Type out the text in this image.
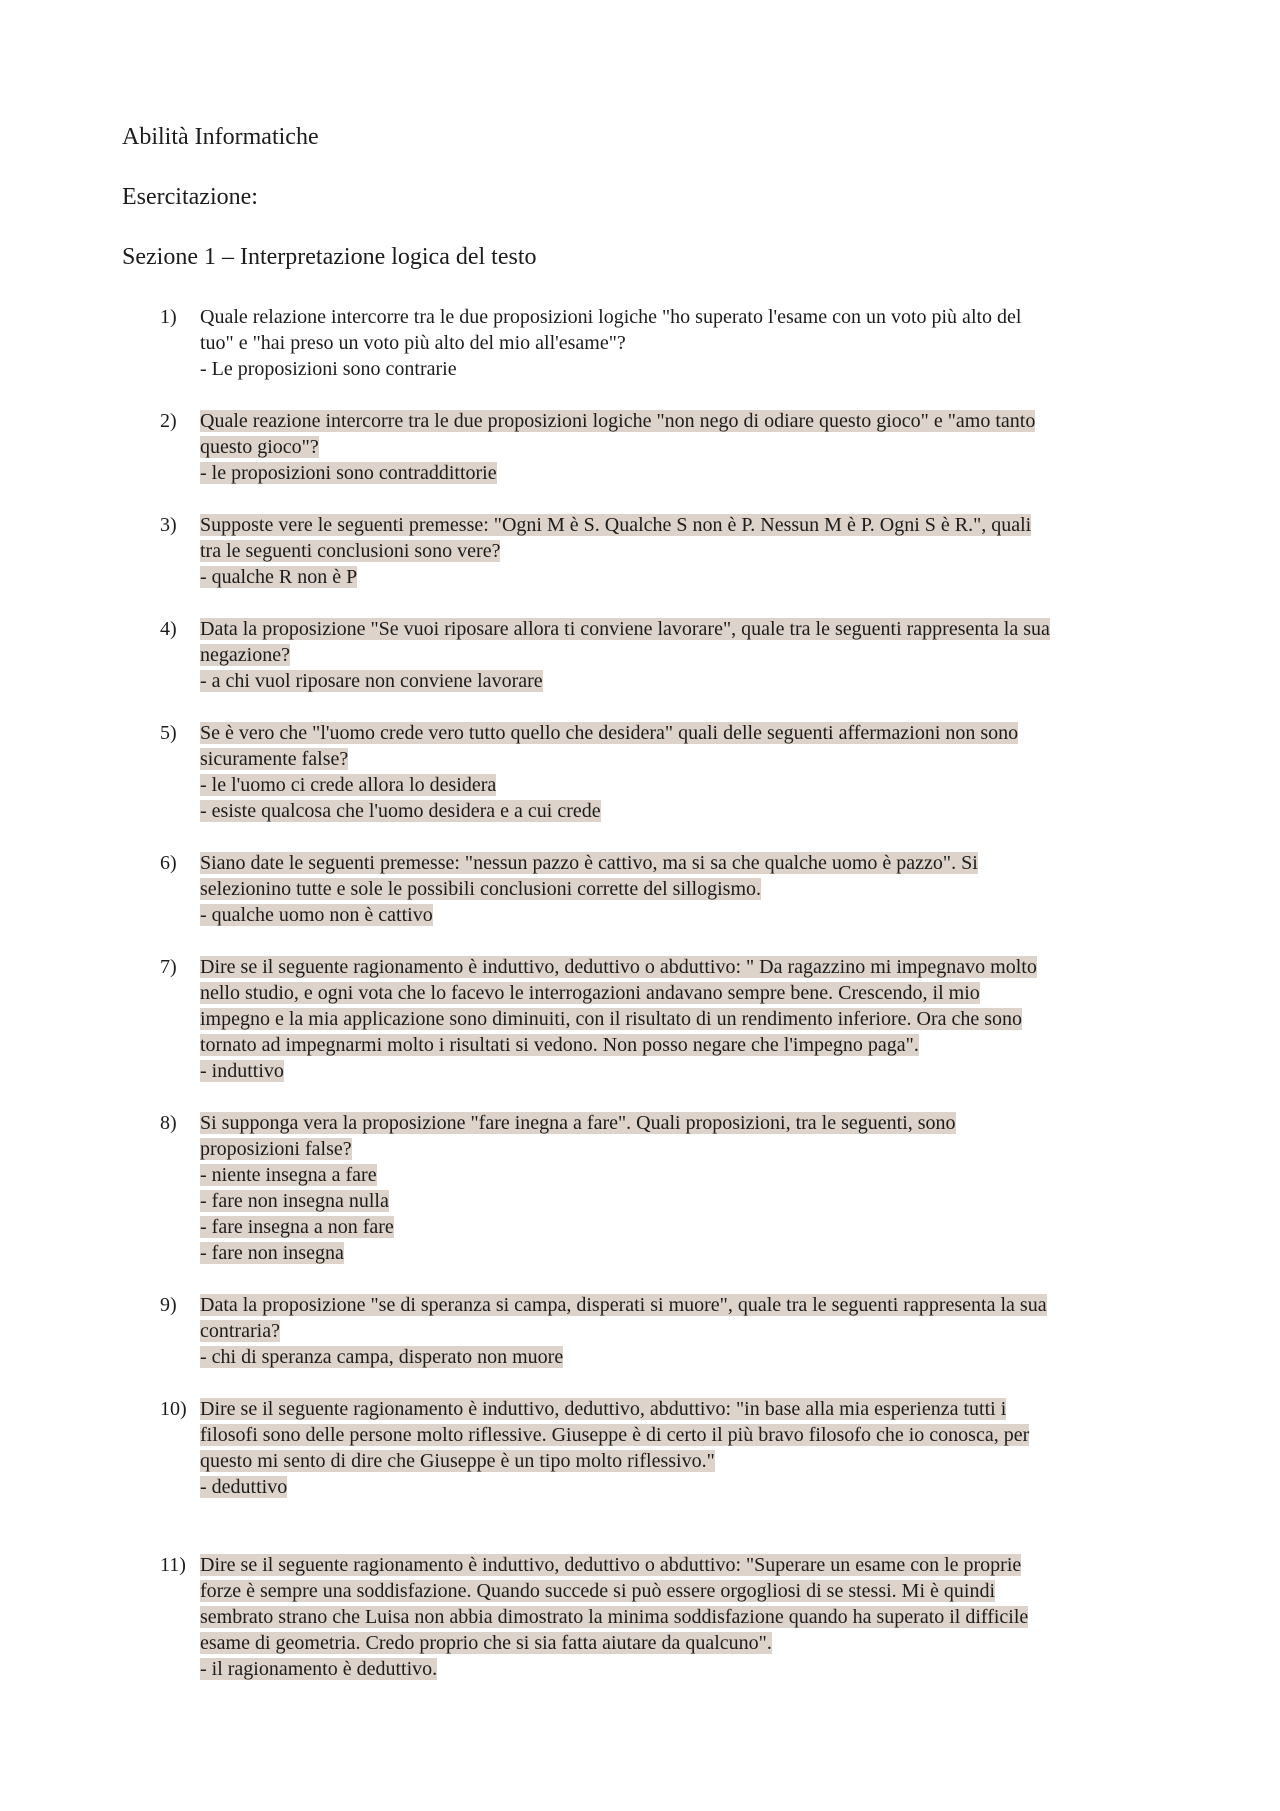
Abilità Informatiche
Esercitazione:
Sezione 1 – Interpretazione logica del testo
1)	Quale relazione intercorre tra le due proposizioni logiche "ho superato l'esame con un voto più alto del
tuo" e "hai preso un voto più alto del mio all'esame"?
- Le proposizioni sono contrarie
2)	Quale reazione intercorre tra le due proposizioni logiche "non nego di odiare questo gioco" e "amo tanto
questo gioco"?
- le proposizioni sono contraddittorie
3)	Supposte vere le seguenti premesse: "Ogni M è S. Qualche S non è P. Nessun M è P. Ogni S è R.", quali
tra le seguenti conclusioni sono vere?
- qualche R non è P
4)	Data la proposizione "Se vuoi riposare allora ti conviene lavorare", quale tra le seguenti rappresenta la sua
negazione?
- a chi vuol riposare non conviene lavorare
5)	Se è vero che "l'uomo crede vero tutto quello che desidera" quali delle seguenti affermazioni non sono
sicuramente false?
- le l'uomo ci crede allora lo desidera
- esiste qualcosa che l'uomo desidera e a cui crede
6)	Siano date le seguenti premesse: "nessun pazzo è cattivo, ma si sa che qualche uomo è pazzo". Si
selezionino tutte e sole le possibili conclusioni corrette del sillogismo.
- qualche uomo non è cattivo
7)	Dire se il seguente ragionamento è induttivo, deduttivo o abduttivo: " Da ragazzino mi impegnavo molto
nello studio, e ogni vota che lo facevo le interrogazioni andavano sempre bene. Crescendo, il mio
impegno e la mia applicazione sono diminuiti, con il risultato di un rendimento inferiore. Ora che sono
tornato ad impegnarmi molto i risultati si vedono. Non posso negare che l'impegno paga".
- induttivo
8)	Si supponga vera la proposizione "fare inegna a fare". Quali proposizioni, tra le seguenti, sono
proposizioni false?
- niente insegna a fare
- fare non insegna nulla
- fare insegna a non fare
- fare non insegna
9)	Data la proposizione "se di speranza si campa, disperati si muore", quale tra le seguenti rappresenta la sua
contraria?
- chi di speranza campa, disperato non muore
10) Dire se il seguente ragionamento è induttivo, deduttivo, abduttivo: "in base alla mia esperienza tutti i
filosofi sono delle persone molto riflessive. Giuseppe è di certo il più bravo filosofo che io conosca, per
questo mi sento di dire che Giuseppe è un tipo molto riflessivo."
- deduttivo
11) Dire se il seguente ragionamento è induttivo, deduttivo o abduttivo: "Superare un esame con le proprie
forze è sempre una soddisfazione. Quando succede si può essere orgogliosi di se stessi. Mi è quindi
sembrato strano che Luisa non abbia dimostrato la minima soddisfazione quando ha superato il difficile
esame di geometria. Credo proprio che si sia fatta aiutare da qualcuno".
- il ragionamento è deduttivo.
